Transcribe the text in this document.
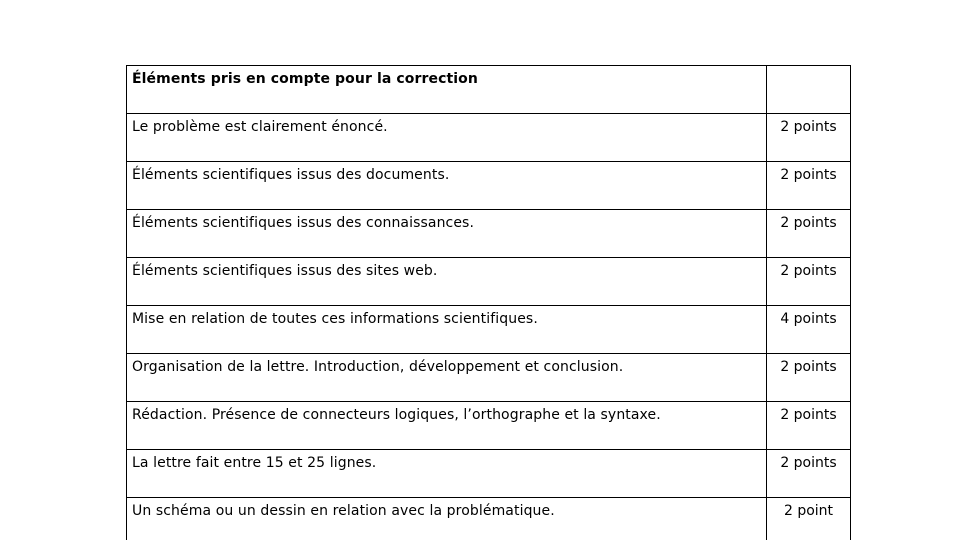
Éléments pris en compte pour la correction	
Le problème est clairement énoncé.	2 points
Éléments scientifiques issus des documents.	2 points
Éléments scientifiques issus des connaissances.	2 points
Éléments scientifiques issus des sites web.	2 points
Mise en relation de toutes ces informations scientifiques.	4 points
Organisation de la lettre. Introduction, développement et conclusion.	2 points
Rédaction. Présence de connecteurs logiques, l’orthographe et la syntaxe.	2 points
La lettre fait entre 15 et 25 lignes.	2 points
Un schéma ou un dessin en relation avec la problématique.	2 point
